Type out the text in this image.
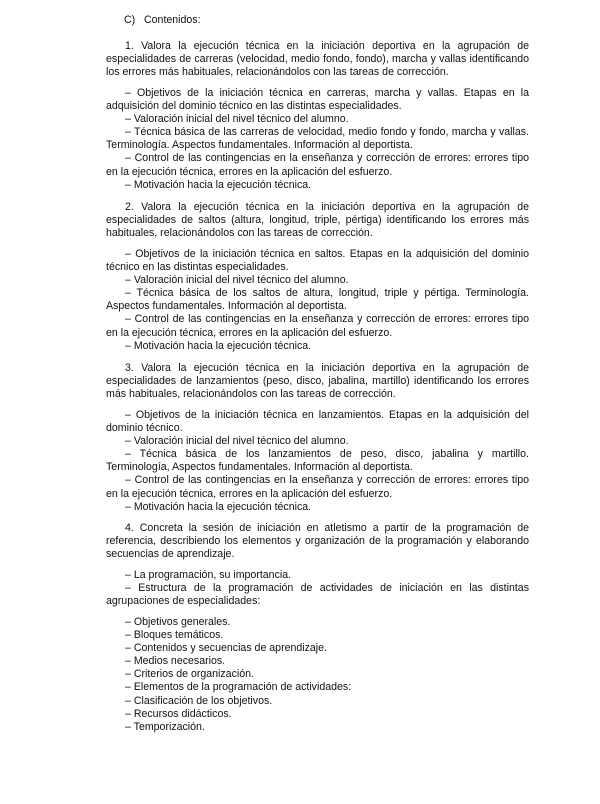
C)   Contenidos:

1. Valora la ejecución técnica en la iniciación deportiva en la agrupación de especialidades de carreras (velocidad, medio fondo, fondo), marcha y vallas identificando los errores más habituales, relacionándolos con las tareas de corrección.

– Objetivos de la iniciación técnica en carreras, marcha y vallas. Etapas en la adquisición del dominio técnico en las distintas especialidades.

– Valoración inicial del nivel técnico del alumno.

– Técnica básica de las carreras de velocidad, medio fondo y fondo, marcha y vallas. Terminología. Aspectos fundamentales. Información al deportista.

– Control de las contingencias en la enseñanza y corrección de errores: errores tipo en la ejecución técnica, errores en la aplicación del esfuerzo.

– Motivación hacia la ejecución técnica.

2. Valora la ejecución técnica en la iniciación deportiva en la agrupación de especialidades de saltos (altura, longitud, triple, pértiga) identificando los errores más habituales, relacionándolos con las tareas de corrección.

– Objetivos de la iniciación técnica en saltos. Etapas en la adquisición del dominio técnico en las distintas especialidades.

– Valoración inicial del nivel técnico del alumno.

– Técnica básica de los saltos de altura, longitud, triple y pértiga. Terminología. Aspectos fundamentales. Información al deportista.

– Control de las contingencias en la enseñanza y corrección de errores: errores tipo en la ejecución técnica, errores en la aplicación del esfuerzo.

– Motivación hacia la ejecución técnica.

3. Valora la ejecución técnica en la iniciación deportiva en la agrupación de especialidades de lanzamientos (peso, disco, jabalina, martillo) identificando los errores más habituales, relacionándolos con las tareas de corrección.

– Objetivos de la iniciación técnica en lanzamientos. Etapas en la adquisición del dominio técnico.

– Valoración inicial del nivel técnico del alumno.

– Técnica básica de los lanzamientos de peso, disco, jabalina y martillo. Terminología, Aspectos fundamentales. Información al deportista.

– Control de las contingencias en la enseñanza y corrección de errores: errores tipo en la ejecución técnica, errores en la aplicación del esfuerzo.

– Motivación hacia la ejecución técnica.

4. Concreta la sesión de iniciación en atletismo a partir de la programación de referencia, describiendo los elementos y organización de la programación y elaborando secuencias de aprendizaje.

– La programación, su importancia.

– Estructura de la programación de actividades de iniciación en las distintas agrupaciones de especialidades:

– Objetivos generales.
– Bloques temáticos.
– Contenidos y secuencias de aprendizaje.
– Medios necesarios.
– Criterios de organización.
– Elementos de la programación de actividades:
– Clasificación de los objetivos.
– Recursos didácticos.
– Temporización.
